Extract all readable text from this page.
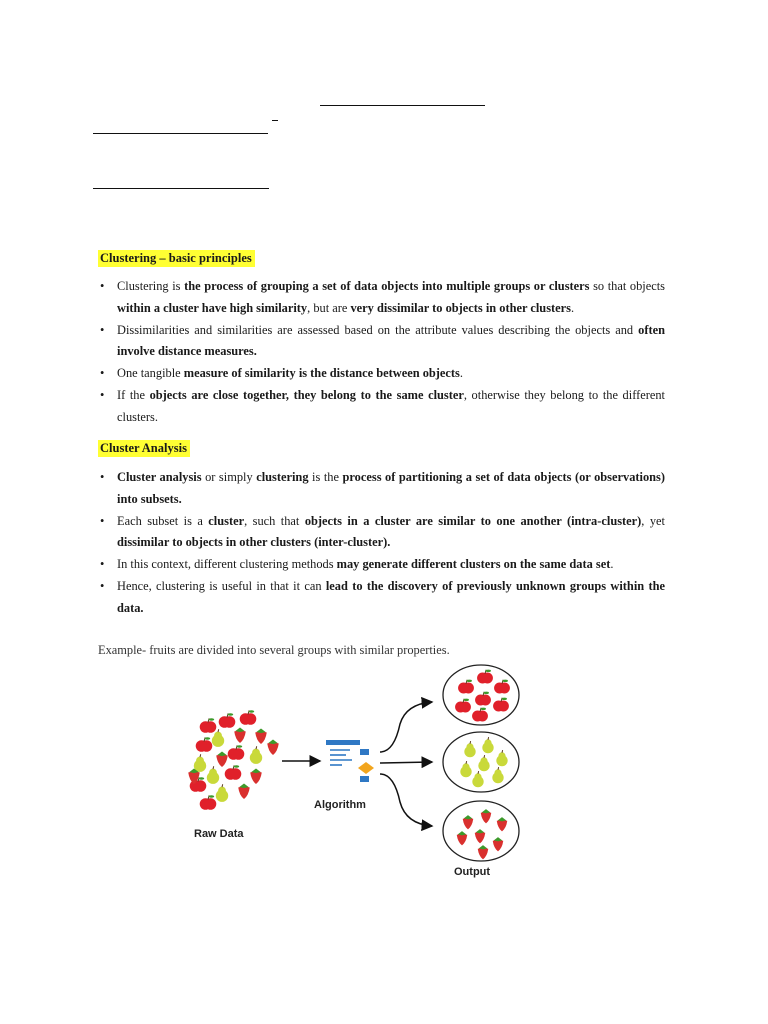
Clustering – basic principles
• Clustering is the process of grouping a set of data objects into multiple groups or clusters so that objects within a cluster have high similarity, but are very dissimilar to objects in other clusters.
• Dissimilarities and similarities are assessed based on the attribute values describing the objects and often involve distance measures.
• One tangible measure of similarity is the distance between objects.
• If the objects are close together, they belong to the same cluster, otherwise they belong to the different clusters.
Cluster Analysis
• Cluster analysis or simply clustering is the process of partitioning a set of data objects (or observations) into subsets.
• Each subset is a cluster, such that objects in a cluster are similar to one another (intra-cluster), yet dissimilar to objects in other clusters (inter-cluster).
• In this context, different clustering methods may generate different clusters on the same data set.
• Hence, clustering is useful in that it can lead to the discovery of previously unknown groups within the data.
Example- fruits are divided into several groups with similar properties.
Raw Data
Algorithm
Output
